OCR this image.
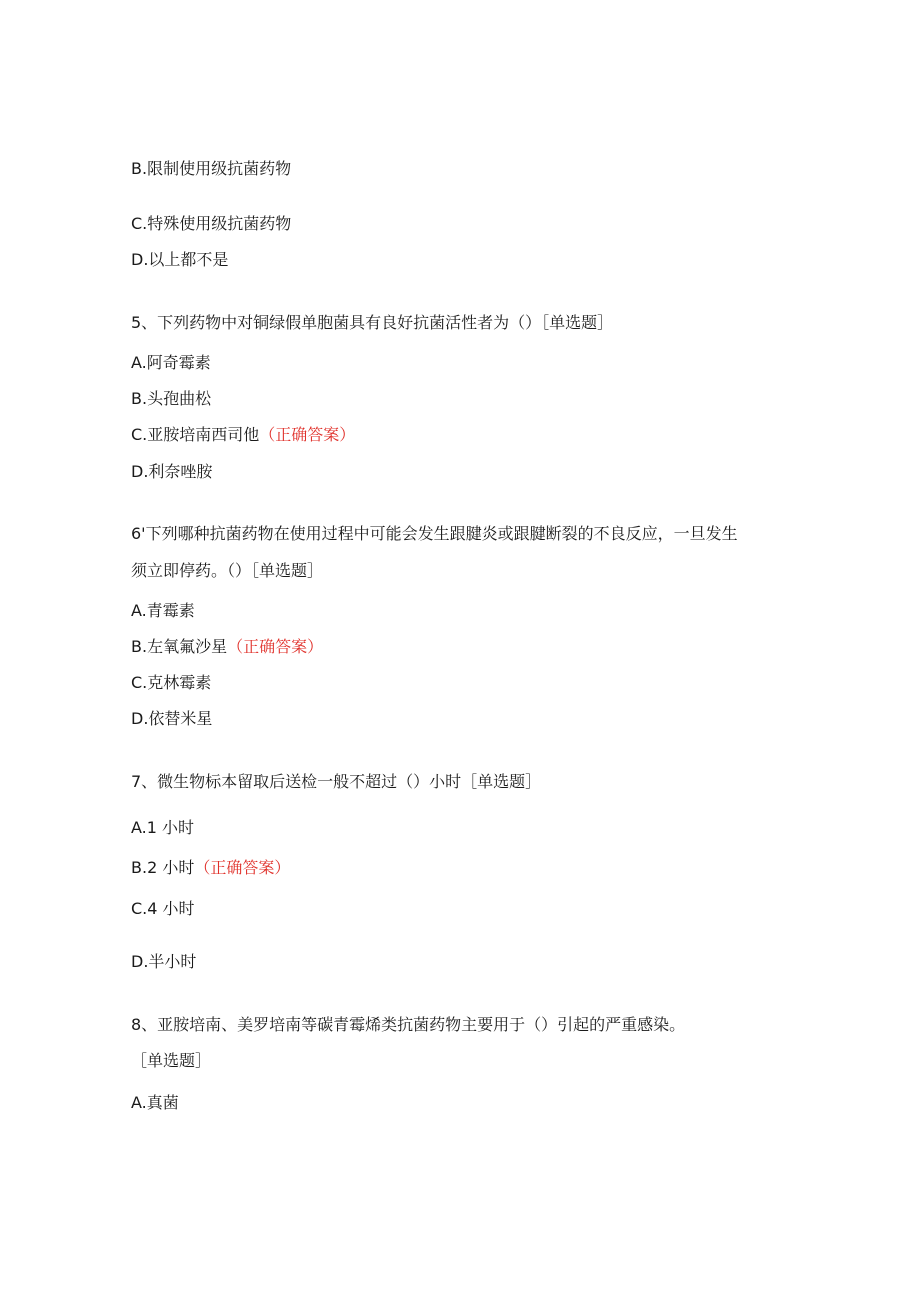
B.限制使用级抗菌药物
C.特殊使用级抗菌药物
D.以上都不是
5、下列药物中对铜绿假单胞菌具有良好抗菌活性者为（）［单选题］
A.阿奇霉素
B.头孢曲松
C.亚胺培南西司他（正确答案）
D.利奈唑胺
6'下列哪种抗菌药物在使用过程中可能会发生跟腱炎或跟腱断裂的不良反应，一旦发生
须立即停药。（）［单选题］
A.青霉素
B.左氧氟沙星（正确答案）
C.克林霉素
D.依替米星
7、微生物标本留取后送检一般不超过（）小时［单选题］
A.1 小时
B.2 小时（正确答案）
C.4 小时
D.半小时
8、亚胺培南、美罗培南等碳青霉烯类抗菌药物主要用于（）引起的严重感染。
［单选题］
A.真菌
